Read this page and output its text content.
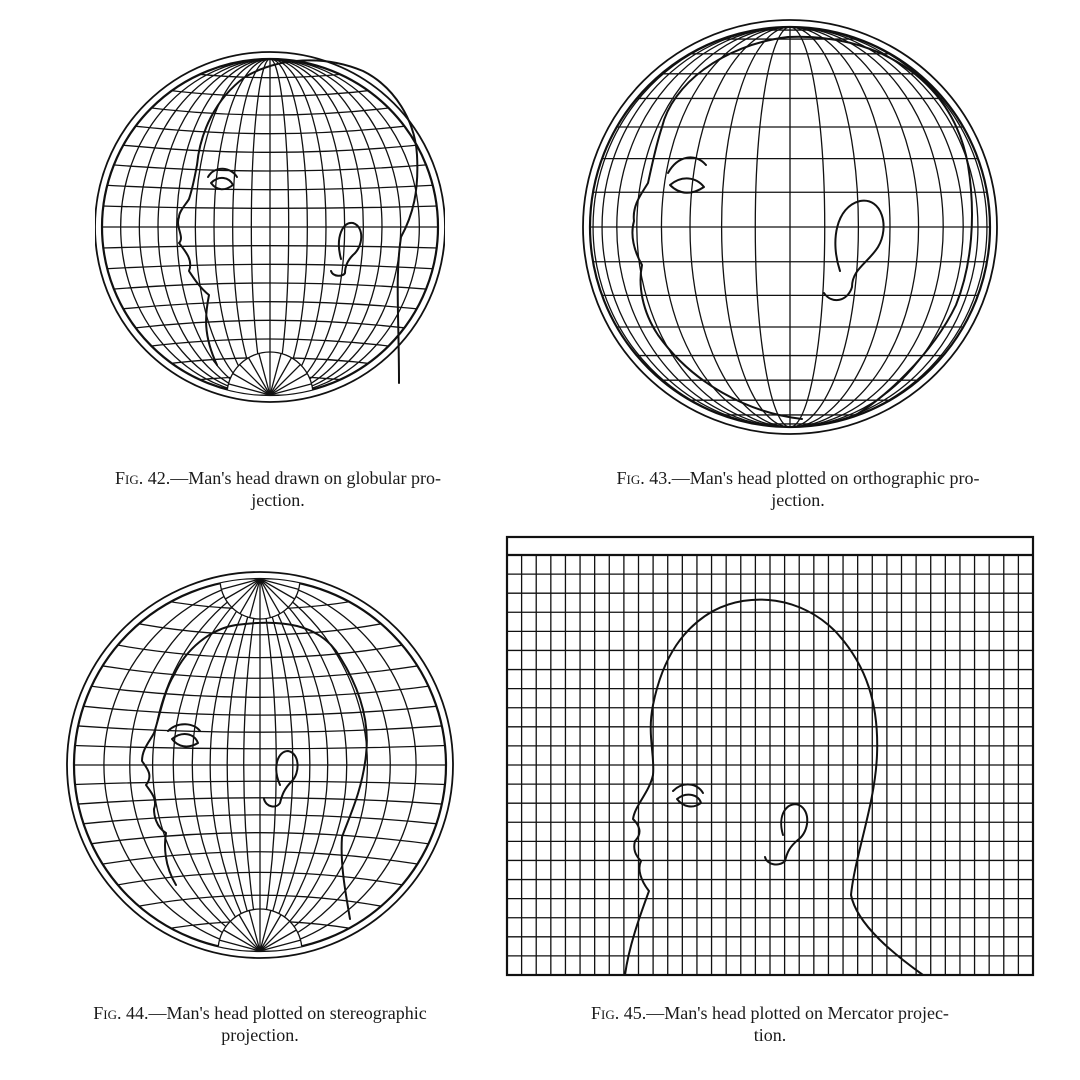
Fig. 42.—Man's head drawn on globular pro-
jection.
Fig. 43.—Man's head plotted on orthographic pro-
jection.
Fig. 44.—Man's head plotted on stereographic
projection.
Fig. 45.—Man's head plotted on Mercator projec-
tion.
